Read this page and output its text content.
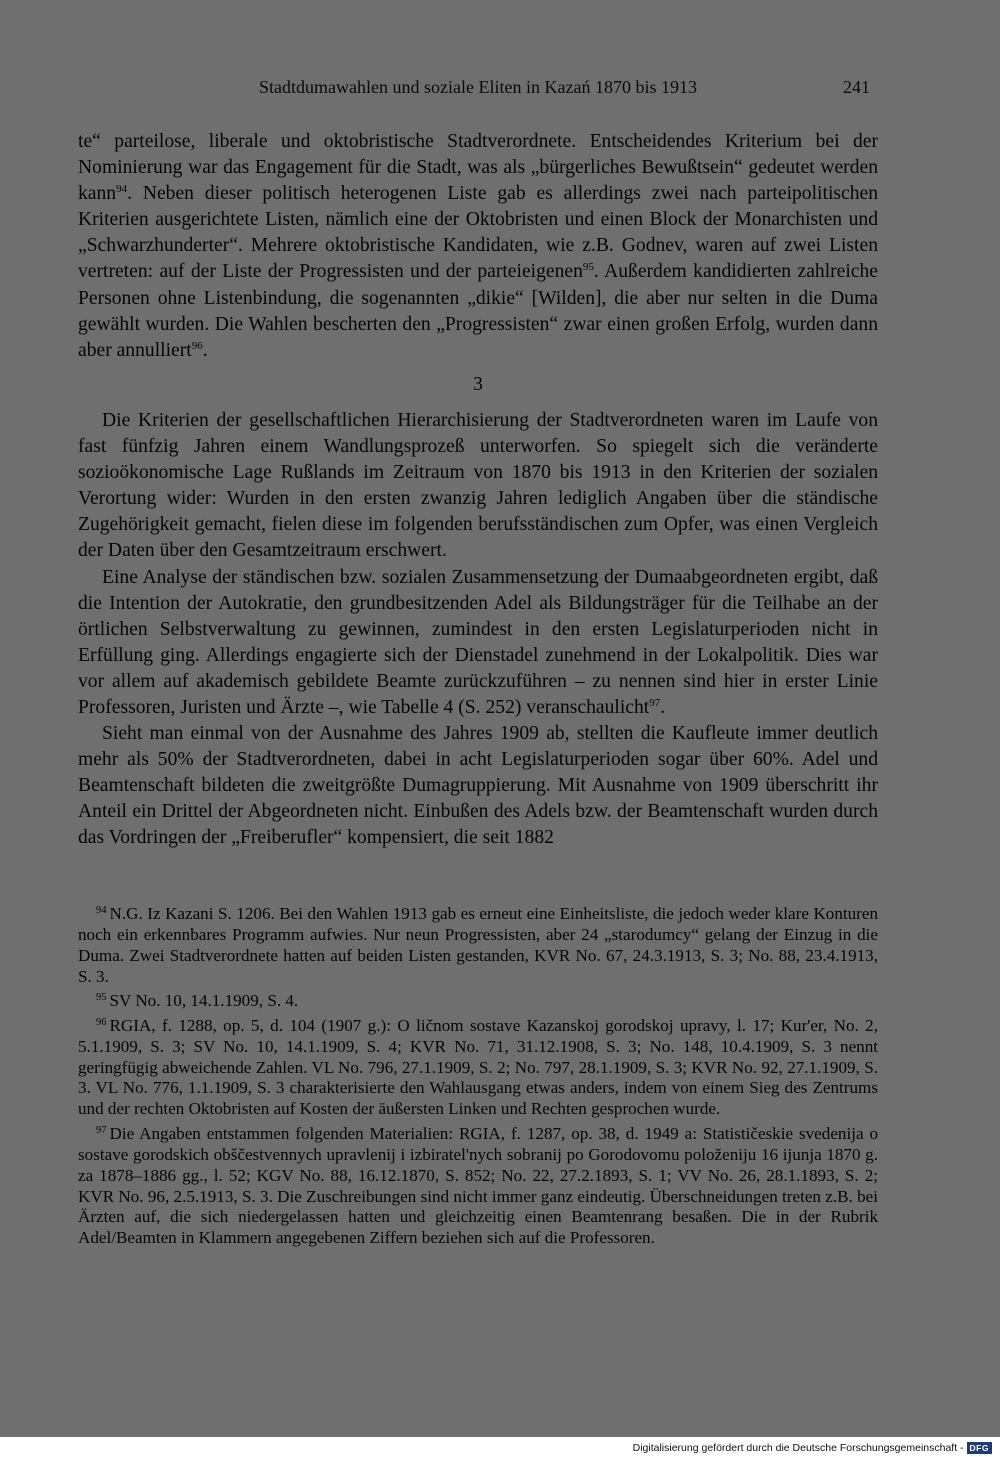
Stadtdumawahlen und soziale Eliten in Kazań 1870 bis 1913	241

te“ parteilose, liberale und oktobristische Stadtverordnete. Entscheidendes Kriterium bei der Nominierung war das Engagement für die Stadt, was als „bürgerliches Bewußtsein“ gedeutet werden kann$^{94}$. Neben dieser politisch heterogenen Liste gab es allerdings zwei nach parteipolitischen Kriterien ausgerichtete Listen, nämlich eine der Oktobristen und einen Block der Monarchisten und „Schwarzhunderter“. Mehrere oktobristische Kandidaten, wie z.B. Godnev, waren auf zwei Listen vertreten: auf der Liste der Progressisten und der parteieigenen$^{95}$. Außerdem kandidierten zahlreiche Personen ohne Listenbindung, die sogenannten „dikie“ [Wilden], die aber nur selten in die Duma gewählt wurden. Die Wahlen bescherten den „Progressisten“ zwar einen großen Erfolg, wurden dann aber annulliert$^{96}$.

3

Die Kriterien der gesellschaftlichen Hierarchisierung der Stadtverordneten waren im Laufe von fast fünfzig Jahren einem Wandlungsprozeß unterworfen. So spiegelt sich die veränderte sozioökonomische Lage Rußlands im Zeitraum von 1870 bis 1913 in den Kriterien der sozialen Verortung wider: Wurden in den ersten zwanzig Jahren lediglich Angaben über die ständische Zugehörigkeit gemacht, fielen diese im folgenden berufsständischen zum Opfer, was einen Vergleich der Daten über den Gesamtzeitraum erschwert.

Eine Analyse der ständischen bzw. sozialen Zusammensetzung der Dumaabgeordneten ergibt, daß die Intention der Autokratie, den grundbesitzenden Adel als Bildungsträger für die Teilhabe an der örtlichen Selbstverwaltung zu gewinnen, zumindest in den ersten Legislaturperioden nicht in Erfüllung ging. Allerdings engagierte sich der Dienstadel zunehmend in der Lokalpolitik. Dies war vor allem auf akademisch gebildete Beamte zurückzuführen – zu nennen sind hier in erster Linie Professoren, Juristen und Ärzte –, wie Tabelle 4 (S. 252) veranschaulicht$^{97}$.

Sieht man einmal von der Ausnahme des Jahres 1909 ab, stellten die Kaufleute immer deutlich mehr als 50% der Stadtverordneten, dabei in acht Legislaturperioden sogar über 60%. Adel und Beamtenschaft bildeten die zweitgrößte Dumagruppierung. Mit Ausnahme von 1909 überschritt ihr Anteil ein Drittel der Abgeordneten nicht. Einbußen des Adels bzw. der Beamtenschaft wurden durch das Vordringen der „Freiberufler“ kompensiert, die seit 1882

$^{94}$ N.G. Iz Kazani S. 1206. Bei den Wahlen 1913 gab es erneut eine Einheitsliste, die jedoch weder klare Konturen noch ein erkennbares Programm aufwies. Nur neun Progressisten, aber 24 „starodumcy“ gelang der Einzug in die Duma. Zwei Stadtverordnete hatten auf beiden Listen gestanden, KVR No. 67, 24.3.1913, S. 3; No. 88, 23.4.1913, S. 3.

$^{95}$ SV No. 10, 14.1.1909, S. 4.

$^{96}$ RGIA, f. 1288, op. 5, d. 104 (1907 g.): O ličnom sostave Kazanskoj gorodskoj upravy, l. 17; Kur'er, No. 2, 5.1.1909, S. 3; SV No. 10, 14.1.1909, S. 4; KVR No. 71, 31.12.1908, S. 3; No. 148, 10.4.1909, S. 3 nennt geringfügig abweichende Zahlen. VL No. 796, 27.1.1909, S. 2; No. 797, 28.1.1909, S. 3; KVR No. 92, 27.1.1909, S. 3. VL No. 776, 1.1.1909, S. 3 charakterisierte den Wahlausgang etwas anders, indem von einem Sieg des Zentrums und der rechten Oktobristen auf Kosten der äußersten Linken und Rechten gesprochen wurde.

$^{97}$ Die Angaben entstammen folgenden Materialien: RGIA, f. 1287, op. 38, d. 1949 a: Statističeskie svedenija o sostave gorodskich obščestvennych upravlenij i izbiratel'nych sobranij po Gorodovomu položeniju 16 ijunja 1870 g. za 1878–1886 gg., l. 52; KGV No. 88, 16.12.1870, S. 852; No. 22, 27.2.1893, S. 1; VV No. 26, 28.1.1893, S. 2; KVR No. 96, 2.5.1913, S. 3. Die Zuschreibungen sind nicht immer ganz eindeutig. Überschneidungen treten z.B. bei Ärzten auf, die sich niedergelassen hatten und gleichzeitig einen Beamtenrang besaßen. Die in der Rubrik Adel/Beamten in Klammern angegebenen Ziffern beziehen sich auf die Professoren.

Digitalisierung gefördert durch die Deutsche Forschungsgemeinschaft - DFG
